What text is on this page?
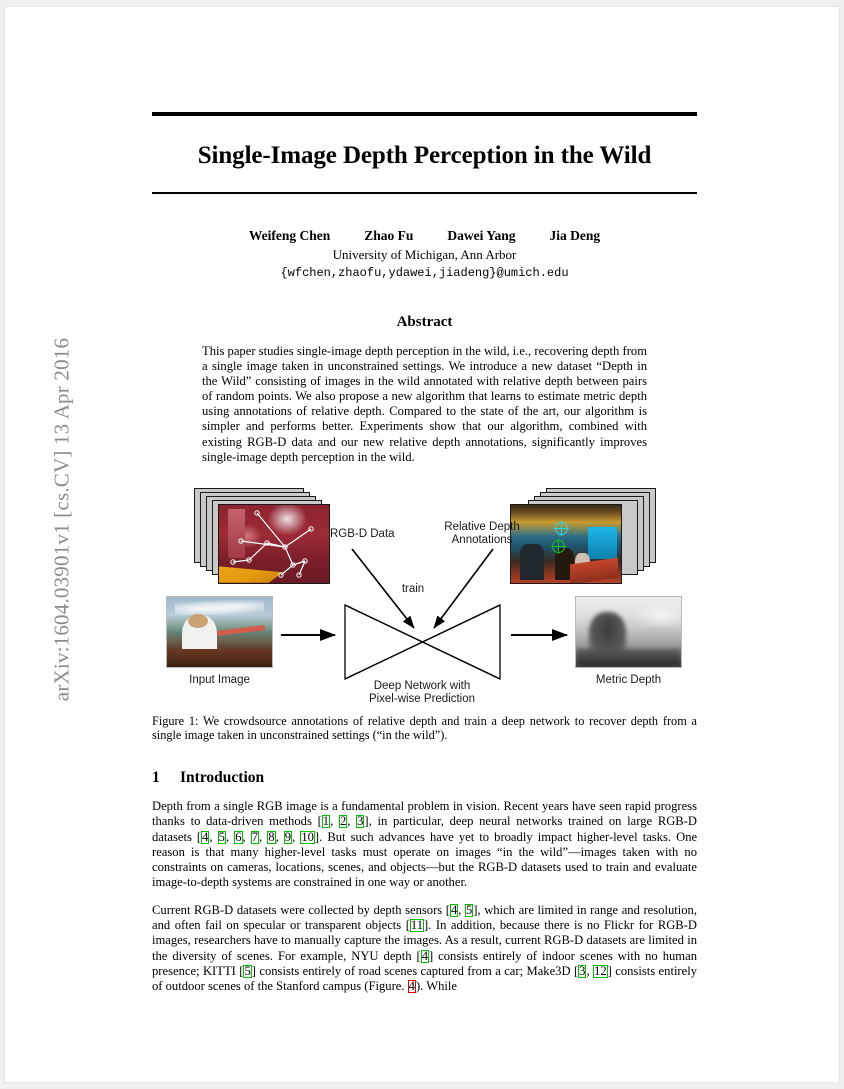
arXiv:1604.03901v1 [cs.CV] 13 Apr 2016
Single-Image Depth Perception in the Wild
Weifeng Chen	Zhao Fu	Dawei Yang	Jia Deng
University of Michigan, Ann Arbor
{wfchen,zhaofu,ydawei,jiadeng}@umich.edu
Abstract
This paper studies single-image depth perception in the wild, i.e., recovering depth from a single image taken in unconstrained settings. We introduce a new dataset “Depth in the Wild” consisting of images in the wild annotated with relative depth between pairs of random points. We also propose a new algorithm that learns to estimate metric depth using annotations of relative depth. Compared to the state of the art, our algorithm is simpler and performs better. Experiments show that our algorithm, combined with existing RGB-D data and our new relative depth annotations, significantly improves single-image depth perception in the wild.
Input Image	Metric Depth
RGB-D Data
Relative Depth
Annotations
train
Deep Network with
Pixel-wise Prediction
Figure 1: We crowdsource annotations of relative depth and train a deep network to recover depth from a single image taken in unconstrained settings (“in the wild”).
1 Introduction
Depth from a single RGB image is a fundamental problem in vision. Recent years have seen rapid progress thanks to data-driven methods [1, 2, 3], in particular, deep neural networks trained on large RGB-D datasets [4, 5, 6, 7, 8, 9, 10]. But such advances have yet to broadly impact higher-level tasks. One reason is that many higher-level tasks must operate on images “in the wild”—images taken with no constraints on cameras, locations, scenes, and objects—but the RGB-D datasets used to train and evaluate image-to-depth systems are constrained in one way or another.
Current RGB-D datasets were collected by depth sensors [4, 5], which are limited in range and resolution, and often fail on specular or transparent objects [11]. In addition, because there is no Flickr for RGB-D images, researchers have to manually capture the images. As a result, current RGB-D datasets are limited in the diversity of scenes. For example, NYU depth [4] consists entirely of indoor scenes with no human presence; KITTI [5] consists entirely of road scenes captured from a car; Make3D [3, 12] consists entirely of outdoor scenes of the Stanford campus (Figure. 4). While
